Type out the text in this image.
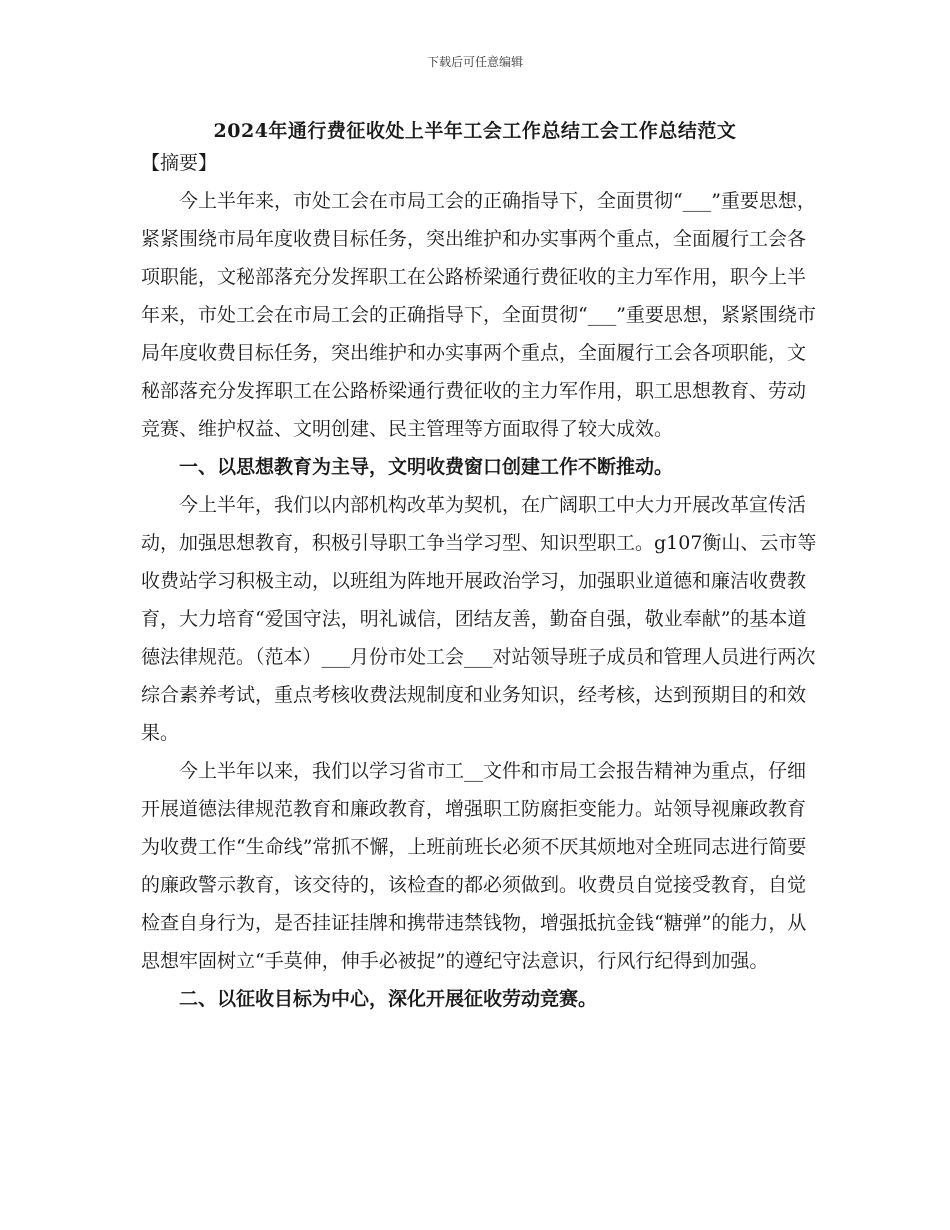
下载后可任意编辑
2024年通行费征收处上半年工会工作总结工会工作总结范文

【摘要】

今上半年来，市处工会在市局工会的正确指导下，全面贯彻“___”重要思想，紧紧围绕市局年度收费目标任务，突出维护和办实事两个重点，全面履行工会各项职能，文秘部落充分发挥职工在公路桥梁通行费征收的主力军作用，职今上半年来，市处工会在市局工会的正确指导下，全面贯彻“___”重要思想，紧紧围绕市局年度收费目标任务，突出维护和办实事两个重点，全面履行工会各项职能，文秘部落充分发挥职工在公路桥梁通行费征收的主力军作用，职工思想教育、劳动竞赛、维护权益、文明创建、民主管理等方面取得了较大成效。

一、以思想教育为主导，文明收费窗口创建工作不断推动。

今上半年，我们以内部机构改革为契机，在广阔职工中大力开展改革宣传活动，加强思想教育，积极引导职工争当学习型、知识型职工。g107衡山、云市等收费站学习积极主动，以班组为阵地开展政治学习，加强职业道德和廉洁收费教育，大力培育“爱国守法，明礼诚信，团结友善，勤奋自强，敬业奉献”的基本道德法律规范。（范本）___月份市处工会___对站领导班子成员和管理人员进行两次综合素养考试，重点考核收费法规制度和业务知识，经考核，达到预期目的和效果。

今上半年以来，我们以学习省市工__文件和市局工会报告精神为重点，仔细开展道德法律规范教育和廉政教育，增强职工防腐拒变能力。站领导视廉政教育为收费工作“生命线”常抓不懈，上班前班长必须不厌其烦地对全班同志进行简要的廉政警示教育，该交待的，该检查的都必须做到。收费员自觉接受教育，自觉检查自身行为，是否挂证挂牌和携带违禁钱物，增强抵抗金钱“糖弹”的能力，从思想牢固树立“手莫伸，伸手必被捉”的遵纪守法意识，行风行纪得到加强。

二、以征收目标为中心，深化开展征收劳动竞赛。
